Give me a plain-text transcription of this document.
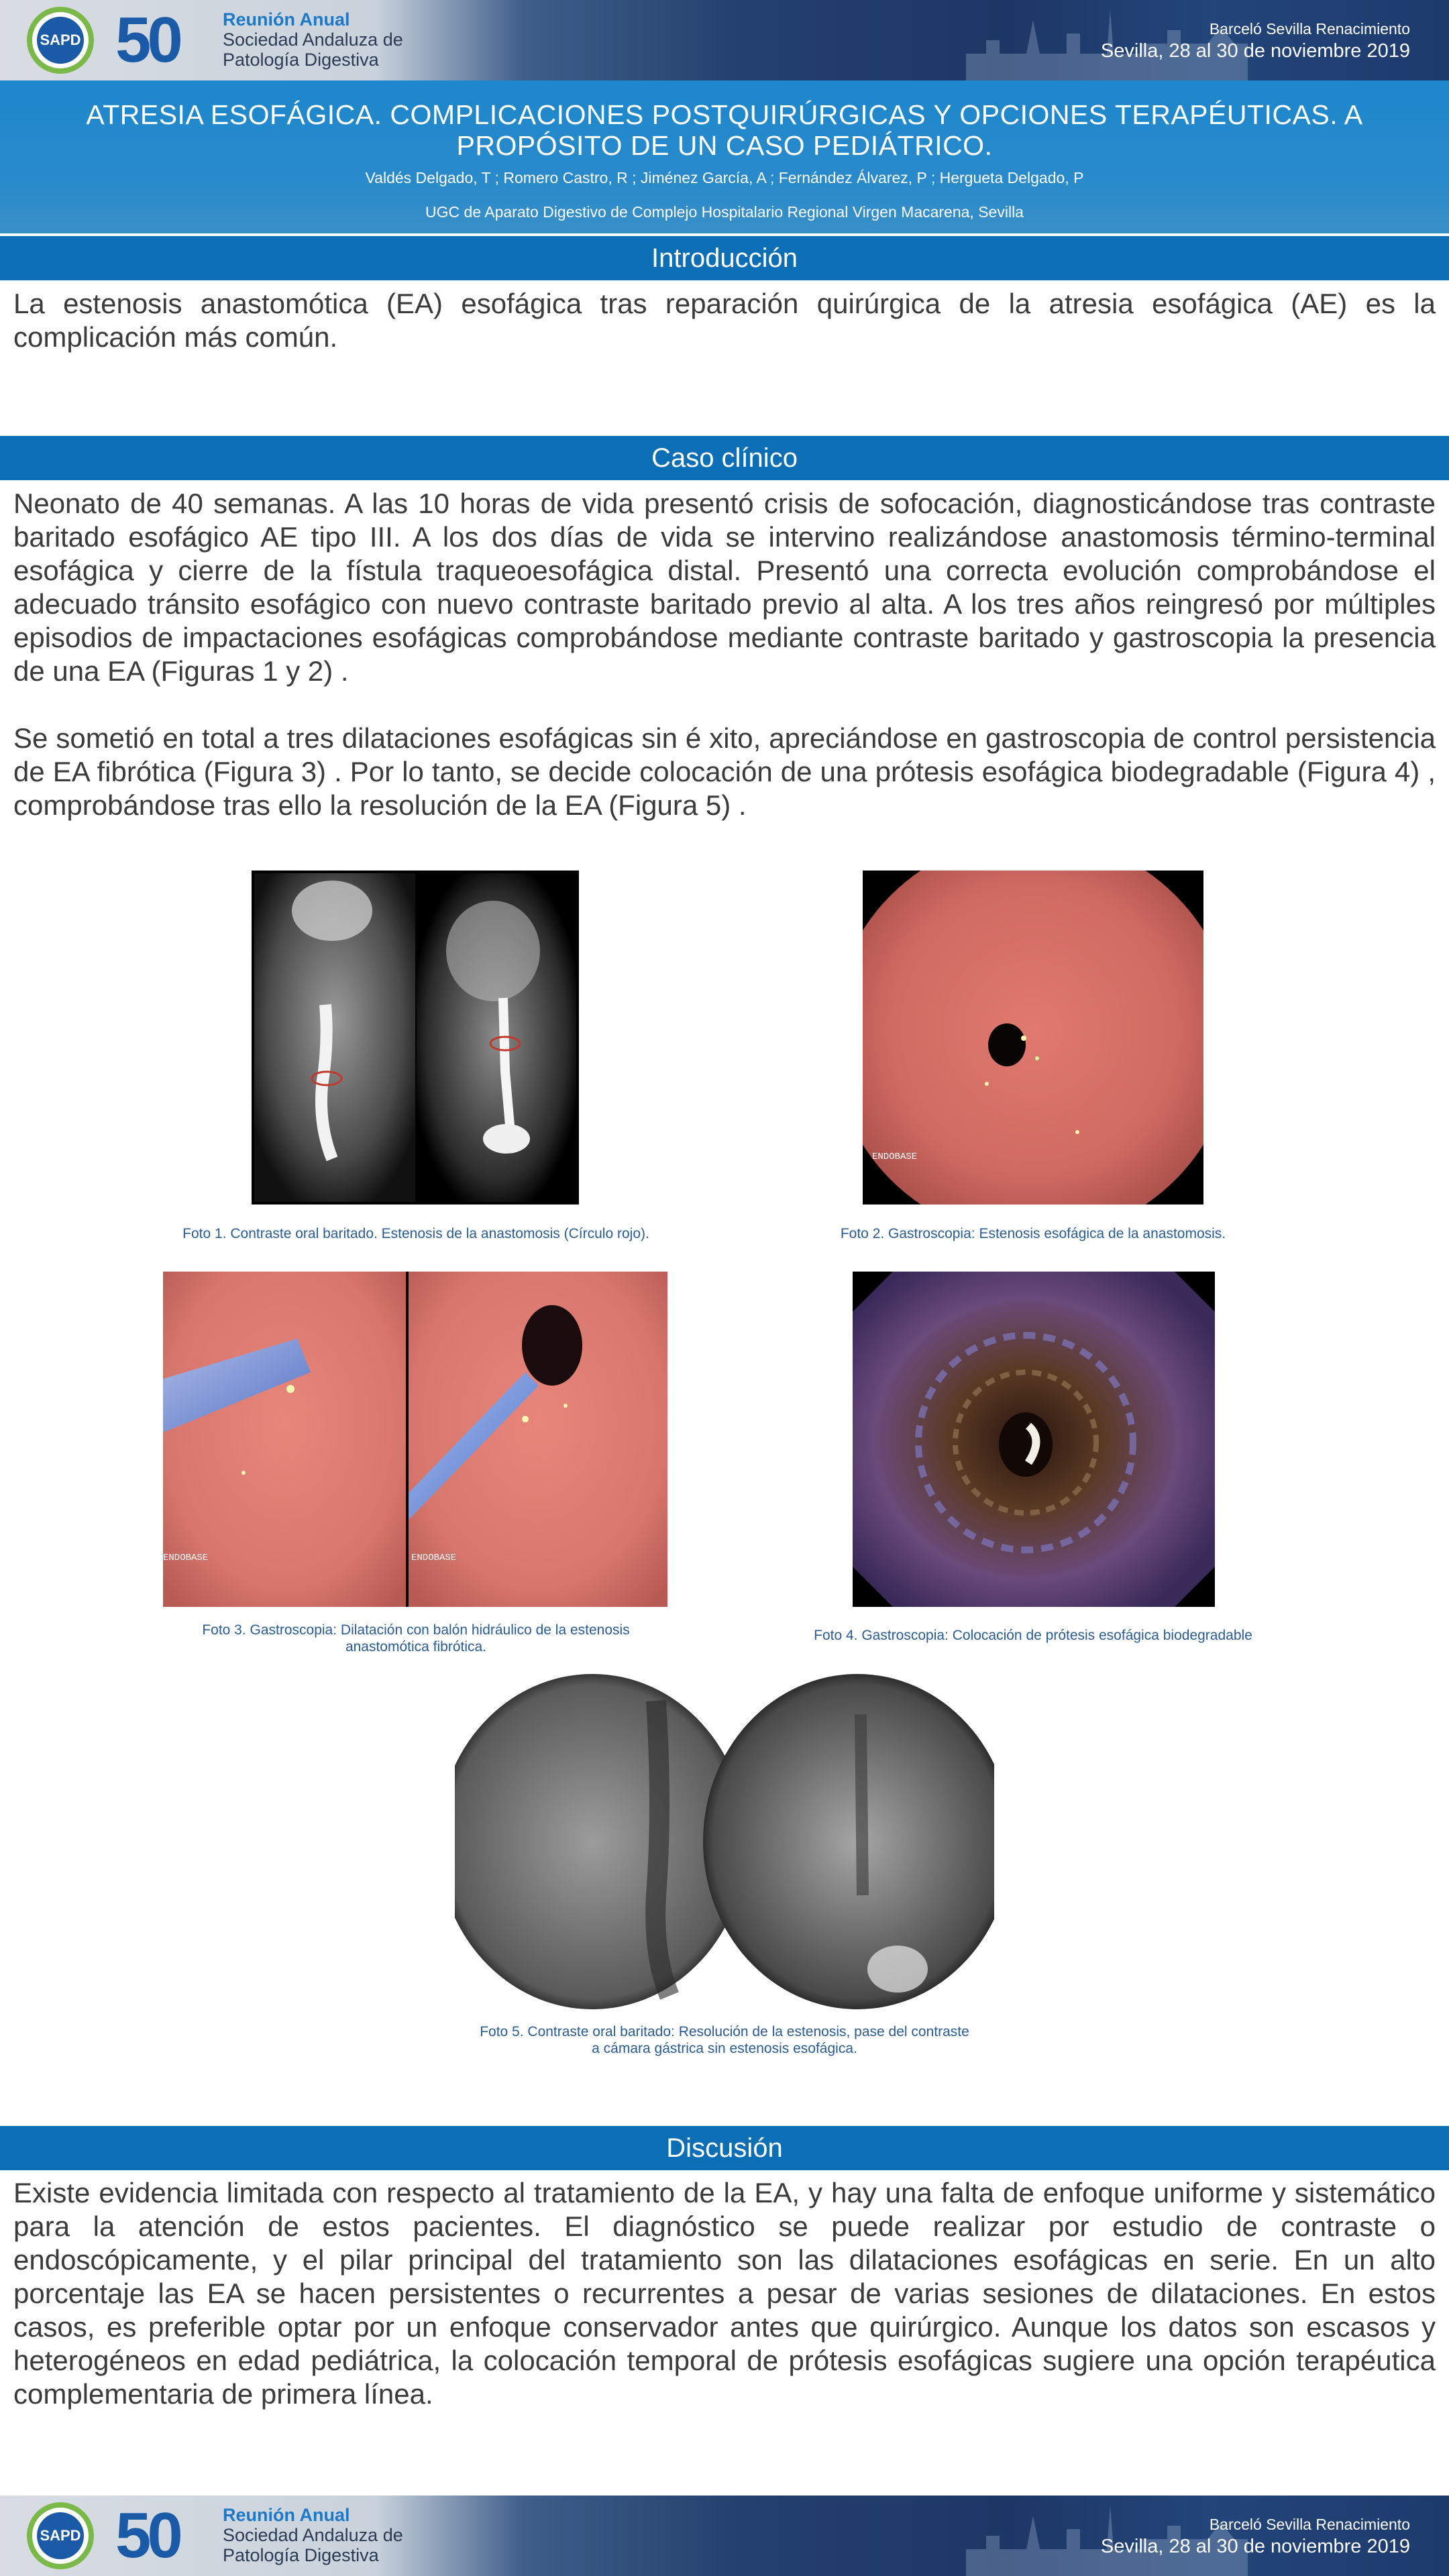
SAPD 50 Reunión Anual
Sociedad Andaluza de
Patología Digestiva
Barceló Sevilla Renacimiento
Sevilla, 28 al 30 de noviembre 2019
ATRESIA ESOFÁGICA. COMPLICACIONES POSTQUIRÚRGICAS Y OPCIONES TERAPÉUTICAS. A PROPÓSITO DE UN CASO PEDIÁTRICO.
Valdés Delgado, T ; Romero Castro, R ; Jiménez García, A ; Fernández Álvarez, P ; Hergueta Delgado, P
UGC de Aparato Digestivo de Complejo Hospitalario Regional Virgen Macarena, Sevilla
Introducción
La estenosis anastomótica (EA) esofágica tras reparación quirúrgica de la atresia esofágica (AE) es la complicación más común.
Caso clínico
Neonato de 40 semanas. A las 10 horas de vida presentó crisis de sofocación, diagnosticándose tras contraste baritado esofágico AE tipo III. A los dos días de vida se intervino realizándose anastomosis término-terminal esofágica y cierre de la fístula traqueoesofágica distal. Presentó una correcta evolución comprobándose el adecuado tránsito esofágico con nuevo contraste baritado previo al alta. A los tres años reingresó por múltiples episodios de impactaciones esofágicas comprobándose mediante contraste baritado y gastroscopia la presencia de una EA (Figuras 1 y 2) .
Se sometió en total a tres dilataciones esofágicas sin é xito, apreciándose en gastroscopia de control persistencia de EA fibrótica (Figura 3) . Por lo tanto, se decide colocación de una prótesis esofágica biodegradable (Figura 4) , comprobándose tras ello la resolución de la EA (Figura 5) .
Foto 1. Contraste oral baritado. Estenosis de la anastomosis (Círculo rojo).
ENDOBASE
Foto 2. Gastroscopia: Estenosis esofágica de la anastomosis.
ENDOBASE	ENDOBASE
Foto 3. Gastroscopia: Dilatación con balón hidráulico de la estenosis
anastomótica fibrótica.
Foto 4. Gastroscopia: Colocación de prótesis esofágica biodegradable
Foto 5. Contraste oral baritado: Resolución de la estenosis, pase del contraste
a cámara gástrica sin estenosis esofágica.
Discusión
Existe evidencia limitada con respecto al tratamiento de la EA, y hay una falta de enfoque uniforme y sistemático para la atención de estos pacientes. El diagnóstico se puede realizar por estudio de contraste o endoscópicamente, y el pilar principal del tratamiento son las dilataciones esofágicas en serie. En un alto porcentaje las EA se hacen persistentes o recurrentes a pesar de varias sesiones de dilataciones. En estos casos, es preferible optar por un enfoque conservador antes que quirúrgico. Aunque los datos son escasos y heterogéneos en edad pediátrica, la colocación temporal de prótesis esofágicas sugiere una opción terapéutica complementaria de primera línea.
SAPD 50 Reunión Anual
Sociedad Andaluza de
Patología Digestiva
Barceló Sevilla Renacimiento
Sevilla, 28 al 30 de noviembre 2019
